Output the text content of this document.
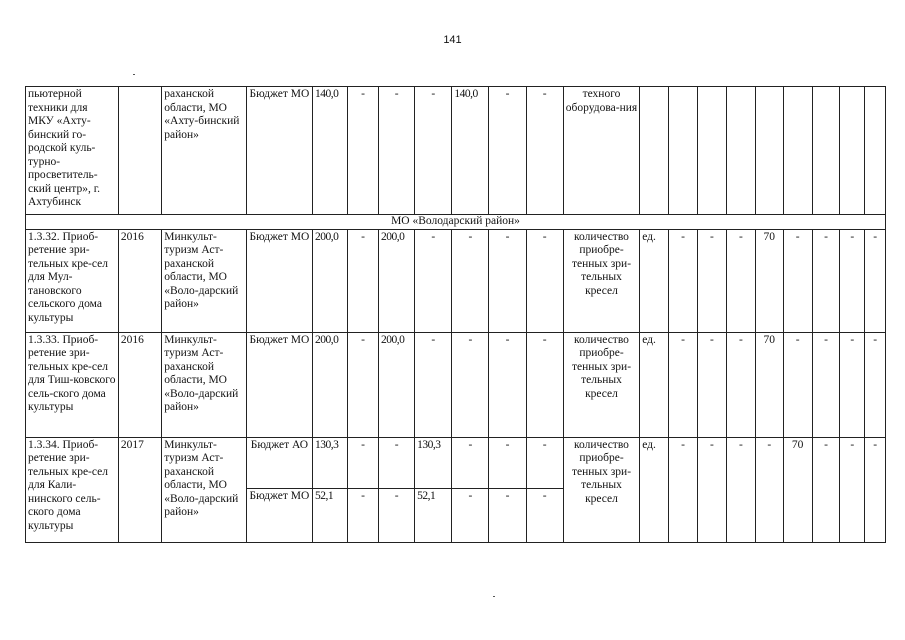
141
пьютерной техники для МКУ «Ахту-бинский го-родской куль-турно-просветитель-ский центр», г. Ахтубинск		раханской области, МО «Ахту-бинский район»	Бюджет МО	140,0	-	-	-	140,0	-	-	техного оборудова-ния									
МО «Володарский район»																				
1.3.32. Приоб-ретение зри-тельных кре-сел для Мул-тановского сельского дома культуры	2016	Минкульт-туризм Аст-раханской области, МО «Воло-дарский район»	Бюджет МО	200,0	-	200,0	-	-	-	-	количество приобре-тенных зри-тельных кресел	ед.	-	-	-	70	-	-	-	-
1.3.33. Приоб-ретение зри-тельных кре-сел для Тиш-ковского сель-ского дома культуры	2016	Минкульт-туризм Аст-раханской области, МО «Воло-дарский район»	Бюджет МО	200,0	-	200,0	-	-	-	-	количество приобре-тенных зри-тельных кресел	ед.	-	-	-	70	-	-	-	-
1.3.34. Приоб-ретение зри-тельных кре-сел для Кали-нинского сель-ского дома культуры	2017	Минкульт-туризм Аст-раханской области, МО «Воло-дарский район»	Бюджет АО	130,3	-	-	130,3	-	-	-	количество приобре-тенных зри-тельных кресел	ед.	-	-	-	-	70	-	-	-
			Бюджет МО	52,1	-	-	52,1	-	-	-										
